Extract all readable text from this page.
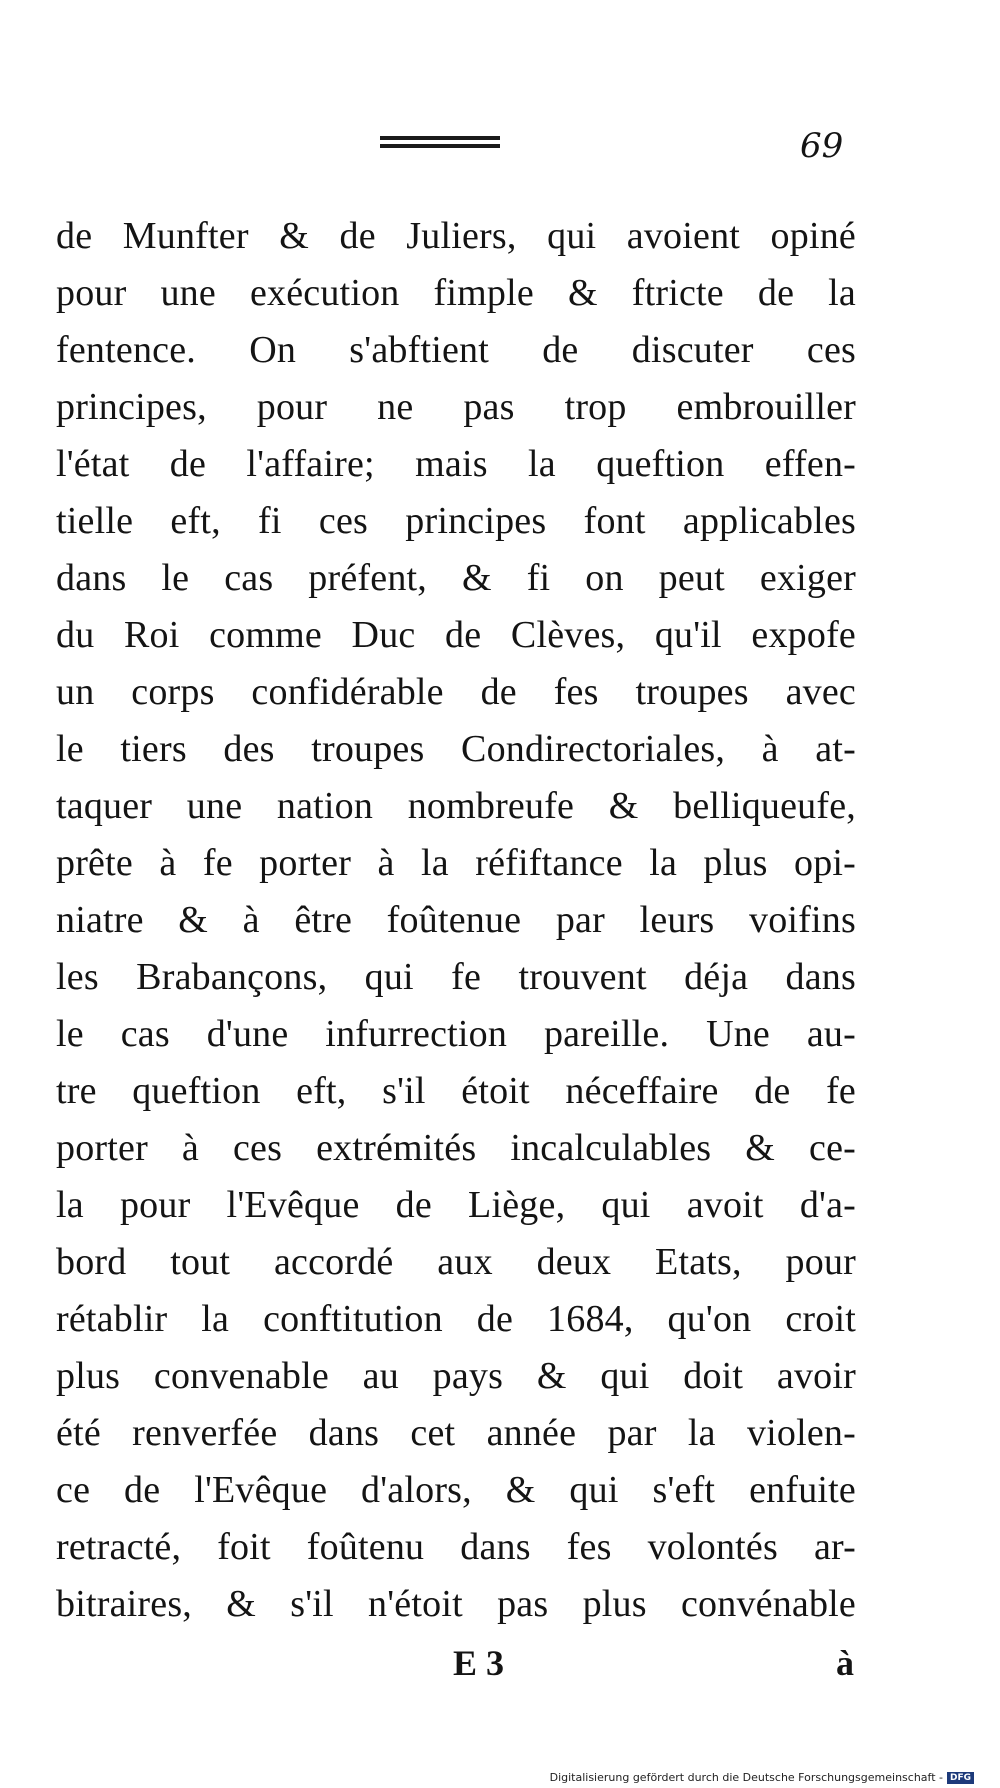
69
de Munfter & de Juliers, qui avoient opiné
pour une exécution fimple & ftricte de la
fentence. On s'abftient de discuter ces
principes, pour ne pas trop embrouiller
l'état de l'affaire; mais la queftion effen-
tielle eft, fi ces principes font applicables
dans le cas préfent, & fi on peut exiger
du Roi comme Duc de Clèves, qu'il expofe
un corps confidérable de fes troupes avec
le tiers des troupes Condirectoriales, à at-
taquer une nation nombreufe & belliqueufe,
prête à fe porter à la réfiftance la plus opi-
niatre & à être foûtenue par leurs voifins
les Brabançons, qui fe trouvent déja dans
le cas d'une infurrection pareille. Une au-
tre queftion eft, s'il étoit néceffaire de fe
porter à ces extrémités incalculables & ce-
la pour l'Evêque de Liège, qui avoit d'a-
bord tout accordé aux deux Etats, pour
rétablir la conftitution de 1684, qu'on croit
plus convenable au pays & qui doit avoir
été renverfée dans cet année par la violen-
ce de l'Evêque d'alors, & qui s'eft enfuite
retracté, foit foûtenu dans fes volontés ar-
bitraires, & s'il n'étoit pas plus convénable
E 3	à
Digitalisierung gefördert durch die Deutsche Forschungsgemeinschaft - DFG
